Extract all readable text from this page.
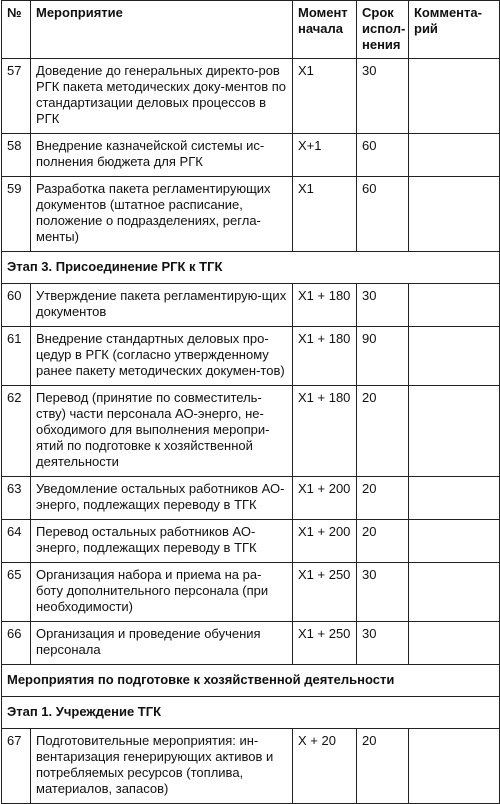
№	Мероприятие	Момент начала	Срок испол-нения	Коммента-рий
57	Доведение до генеральных директо-ров РГК пакета методических доку-ментов по стандартизации деловых процессов в РГК	X1	30	
58	Внедрение казначейской системы ис-полнения бюджета для РГК	X+1	60	
59	Разработка пакета регламентирующих документов (штатное расписание, положение о подразделениях, регла-менты)	X1	60	
Этап 3. Присоединение РГК к ТГК				
60	Утверждение пакета регламентирую-щих документов	X1 + 180	30	
61	Внедрение стандартных деловых про-цедур в РГК (согласно утвержденному ранее пакету методических докумен-тов)	X1 + 180	90	
62	Перевод (принятие по совместитель-ству) части персонала АО-энерго, не-обходимого для выполнения меропри-ятий по подготовке к хозяйственной деятельности	X1 + 180	20	
63	Уведомление остальных работников АО-энерго, подлежащих переводу в ТГК	X1 + 200	20	
64	Перевод остальных работников АО-энерго, подлежащих переводу в ТГК	X1 + 200	20	
65	Организация набора и приема на ра-боту дополнительного персонала (при необходимости)	X1 + 250	30	
66	Организация и проведение обучения персонала	X1 + 250	30	
Мероприятия по подготовке к хозяйственной деятельности				
Этап 1. Учреждение ТГК				
67	Подготовительные мероприятия: ин-вентаризация генерирующих активов и потребляемых ресурсов (топлива, материалов, запасов)	X + 20	20	
